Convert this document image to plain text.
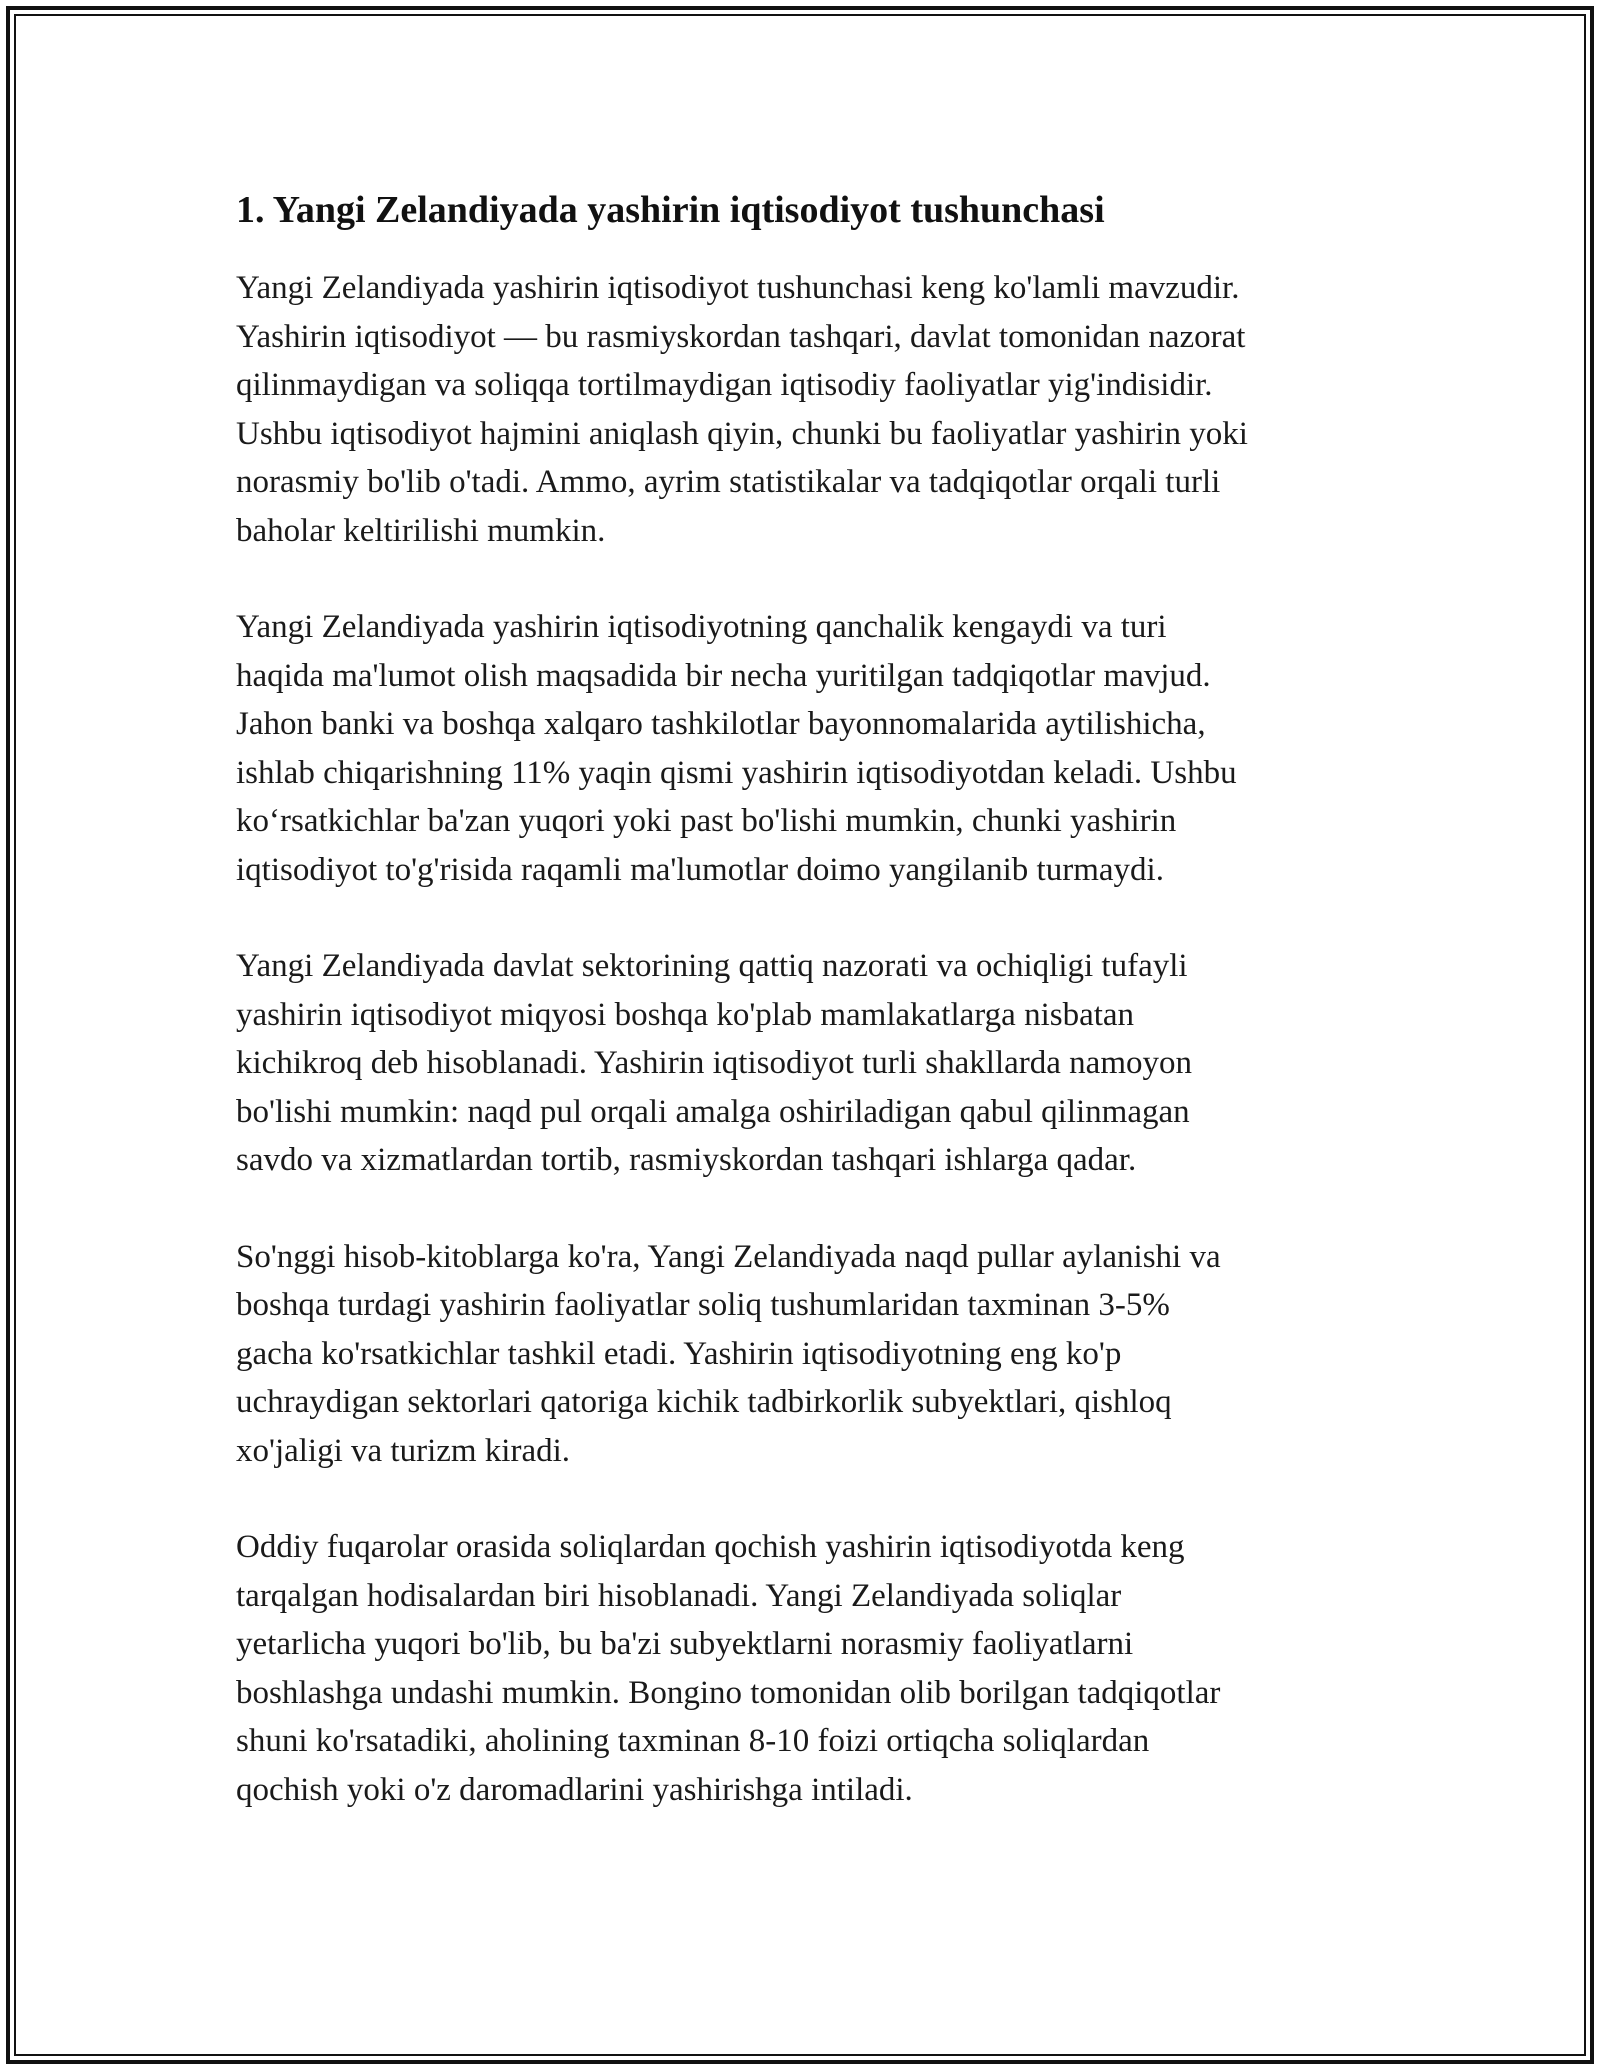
1. Yangi Zelandiyada yashirin iqtisodiyot tushunchasi

Yangi Zelandiyada yashirin iqtisodiyot tushunchasi keng ko'lamli mavzudir.
Yashirin iqtisodiyot — bu rasmiyskordan tashqari, davlat tomonidan nazorat
qilinmaydigan va soliqqa tortilmaydigan iqtisodiy faoliyatlar yig'indisidir.
Ushbu iqtisodiyot hajmini aniqlash qiyin, chunki bu faoliyatlar yashirin yoki
norasmiy bo'lib o'tadi. Ammo, ayrim statistikalar va tadqiqotlar orqali turli
baholar keltirilishi mumkin.

Yangi Zelandiyada yashirin iqtisodiyotning qanchalik kengaydi va turi
haqida ma'lumot olish maqsadida bir necha yuritilgan tadqiqotlar mavjud.
Jahon banki va boshqa xalqaro tashkilotlar bayonnomalarida aytilishicha,
ishlab chiqarishning 11% yaqin qismi yashirin iqtisodiyotdan keladi. Ushbu
ko‘rsatkichlar ba'zan yuqori yoki past bo'lishi mumkin, chunki yashirin
iqtisodiyot to'g'risida raqamli ma'lumotlar doimo yangilanib turmaydi.

Yangi Zelandiyada davlat sektorining qattiq nazorati va ochiqligi tufayli
yashirin iqtisodiyot miqyosi boshqa ko'plab mamlakatlarga nisbatan
kichikroq deb hisoblanadi. Yashirin iqtisodiyot turli shakllarda namoyon
bo'lishi mumkin: naqd pul orqali amalga oshiriladigan qabul qilinmagan
savdo va xizmatlardan tortib, rasmiyskordan tashqari ishlarga qadar.

So'nggi hisob-kitoblarga ko'ra, Yangi Zelandiyada naqd pullar aylanishi va
boshqa turdagi yashirin faoliyatlar soliq tushumlaridan taxminan 3-5%
gacha ko'rsatkichlar tashkil etadi. Yashirin iqtisodiyotning eng ko'p
uchraydigan sektorlari qatoriga kichik tadbirkorlik subyektlari, qishloq
xo'jaligi va turizm kiradi.

Oddiy fuqarolar orasida soliqlardan qochish yashirin iqtisodiyotda keng
tarqalgan hodisalardan biri hisoblanadi. Yangi Zelandiyada soliqlar
yetarlicha yuqori bo'lib, bu ba'zi subyektlarni norasmiy faoliyatlarni
boshlashga undashi mumkin. Bongino tomonidan olib borilgan tadqiqotlar
shuni ko'rsatadiki, aholining taxminan 8-10 foizi ortiqcha soliqlardan
qochish yoki o'z daromadlarini yashirishga intiladi.
